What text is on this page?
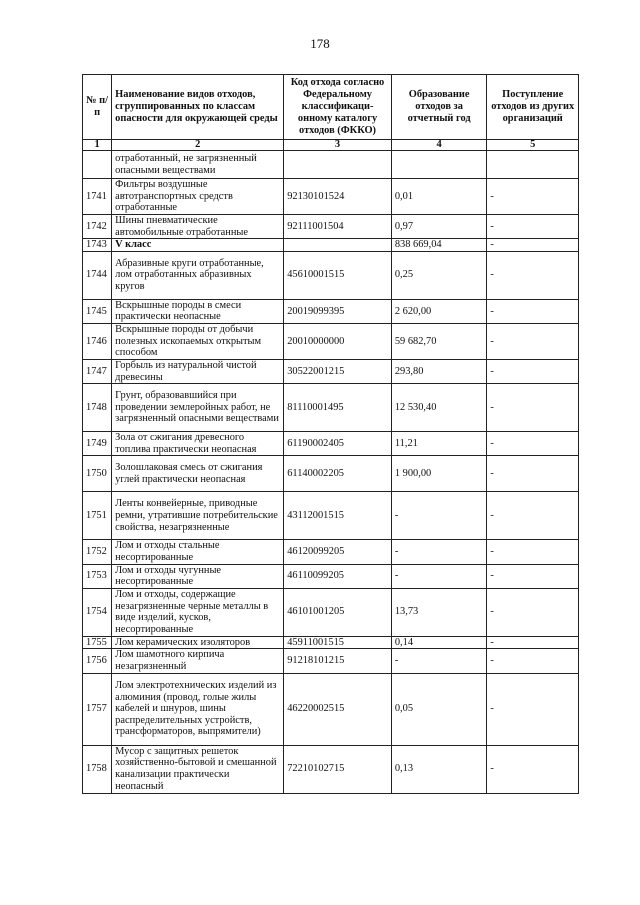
178
№ п/п	Наименование видов отходов, сгруппированных по классам опасности для окружающей среды	Код отхода согласно Федеральному классификаци-онному каталогу отходов (ФККО)	Образование отходов за отчетный год	Поступление отходов из других организаций
1	2	3	4	5
	отработанный, не загрязненный опасными веществами			
1741	Фильтры воздушные автотранспортных средств отработанные	92130101524	0,01	-
1742	Шины пневматические автомобильные отработанные	92111001504	0,97	-
1743	V класс		838 669,04	-
1744	Абразивные круги отработанные, лом отработанных абразивных кругов	45610001515	0,25	-
1745	Вскрышные породы в смеси практически неопасные	20019099395	2 620,00	-
1746	Вскрышные породы от добычи полезных ископаемых открытым способом	20010000000	59 682,70	-
1747	Горбыль из натуральной чистой древесины	30522001215	293,80	-
1748	Грунт, образовавшийся при проведении землеройных работ, не загрязненный опасными веществами	81110001495	12 530,40	-
1749	Зола от сжигания древесного топлива практически неопасная	61190002405	11,21	-
1750	Золошлаковая смесь от сжигания углей практически неопасная	61140002205	1 900,00	-
1751	Ленты конвейерные, приводные ремни, утратившие потребительские свойства, незагрязненные	43112001515	-	-
1752	Лом и отходы стальные несортированные	46120099205	-	-
1753	Лом и отходы чугунные несортированные	46110099205	-	-
1754	Лом и отходы, содержащие незагрязненные черные металлы в виде изделий, кусков, несортированные	46101001205	13,73	-
1755	Лом керамических изоляторов	45911001515	0,14	-
1756	Лом шамотного кирпича незагрязненный	91218101215	-	-
1757	Лом электротехнических изделий из алюминия (провод, голые жилы кабелей и шнуров, шины распределительных устройств, трансформаторов, выпрямители)	46220002515	0,05	-
1758	Мусор с защитных решеток хозяйственно-бытовой и смешанной канализации практически неопасный	72210102715	0,13	-
